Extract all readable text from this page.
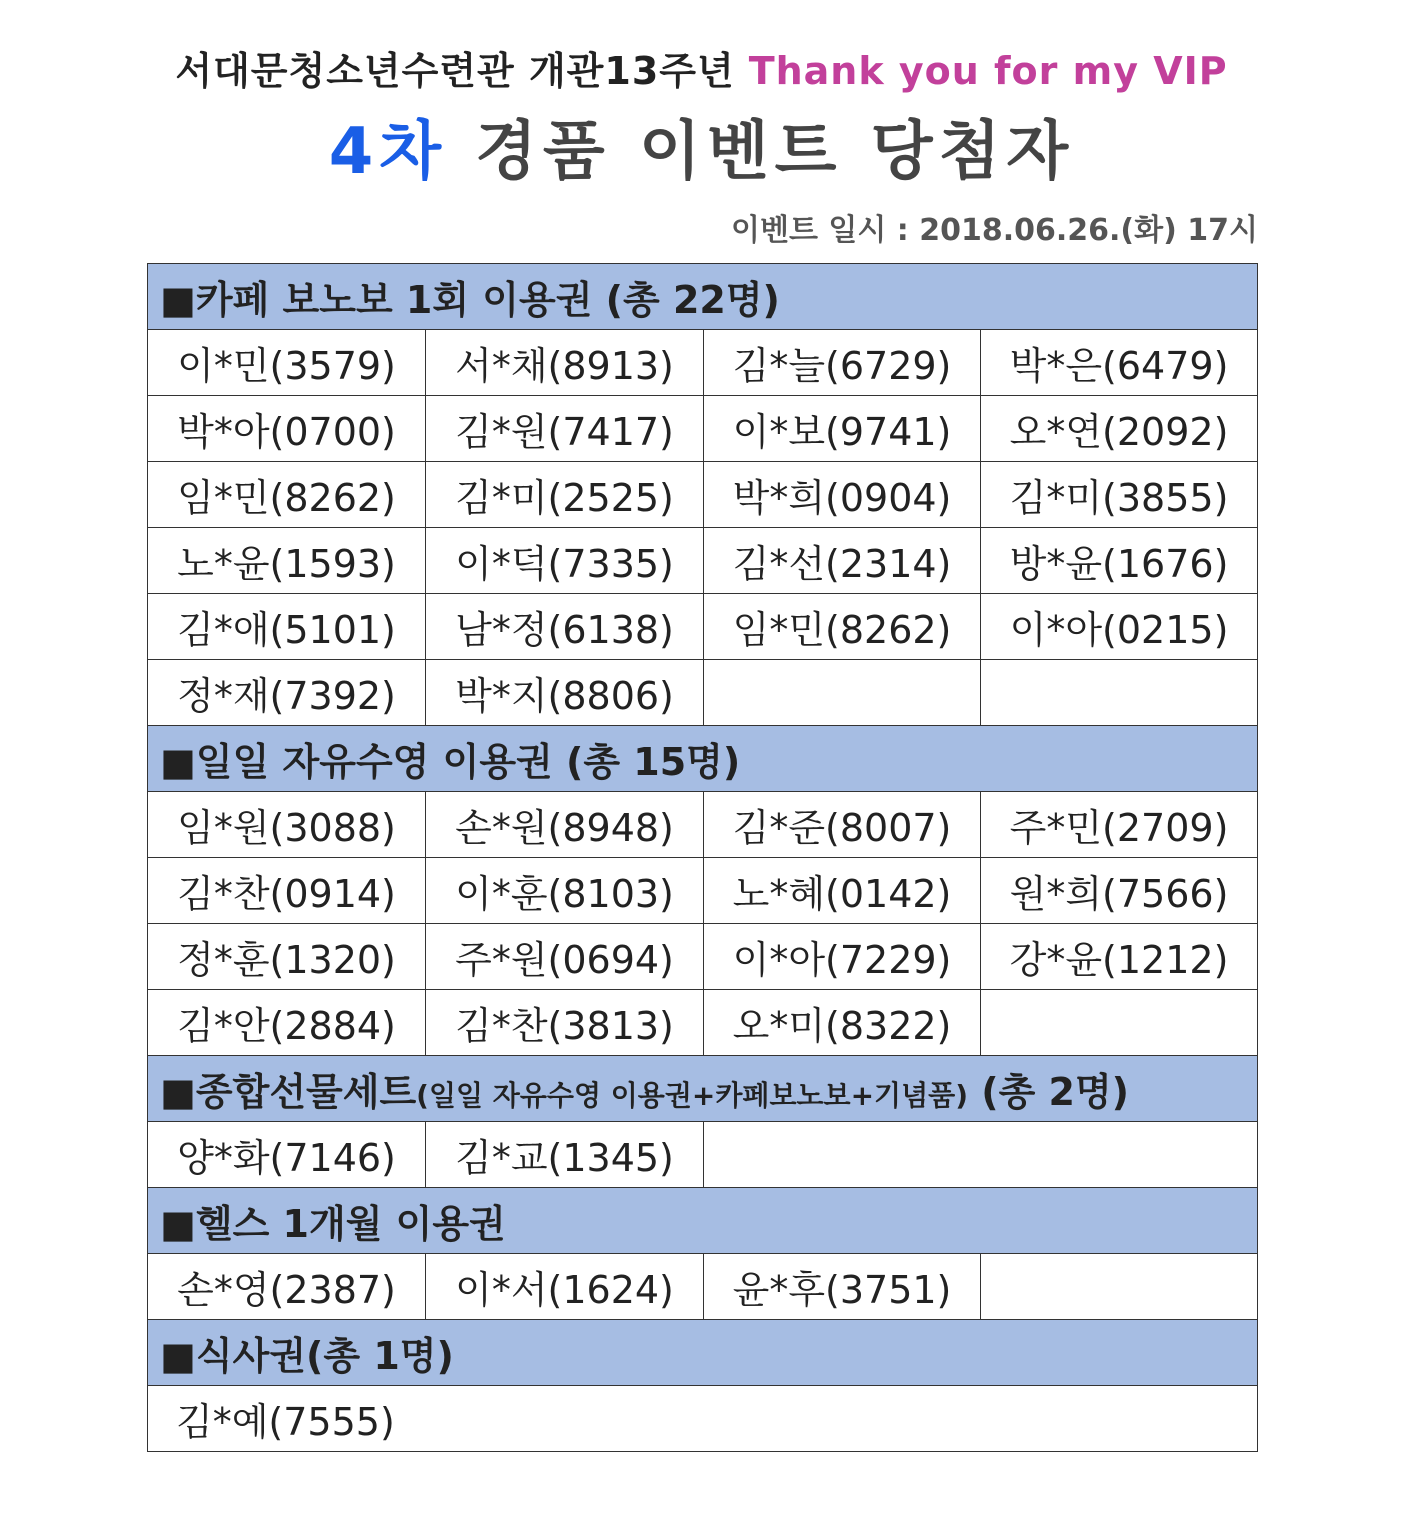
서대문청소년수련관 개관13주년 Thank you for my VIP
4차 경품 이벤트 당첨자
이벤트 일시 : 2018.06.26.(화) 17시
■카페 보노보 1회 이용권 (총 22명)			
이*민(3579)	서*채(8913)	김*늘(6729)	박*은(6479)
박*아(0700)	김*원(7417)	이*보(9741)	오*연(2092)
임*민(8262)	김*미(2525)	박*희(0904)	김*미(3855)
노*윤(1593)	이*덕(7335)	김*선(2314)	방*윤(1676)
김*애(5101)	남*정(6138)	임*민(8262)	이*아(0215)
정*재(7392)	박*지(8806)		
■일일 자유수영 이용권 (총 15명)			
임*원(3088)	손*원(8948)	김*준(8007)	주*민(2709)
김*찬(0914)	이*훈(8103)	노*혜(0142)	원*희(7566)
정*훈(1320)	주*원(0694)	이*아(7229)	강*윤(1212)
김*안(2884)	김*찬(3813)	오*미(8322)	
■종합선물세트(일일 자유수영 이용권+카페보노보+기념품) (총 2명)			
양*화(7146)	김*교(1345)		
■헬스 1개월 이용권			
손*영(2387)	이*서(1624)	윤*후(3751)	
■식사권(총 1명)			
김*예(7555)			
